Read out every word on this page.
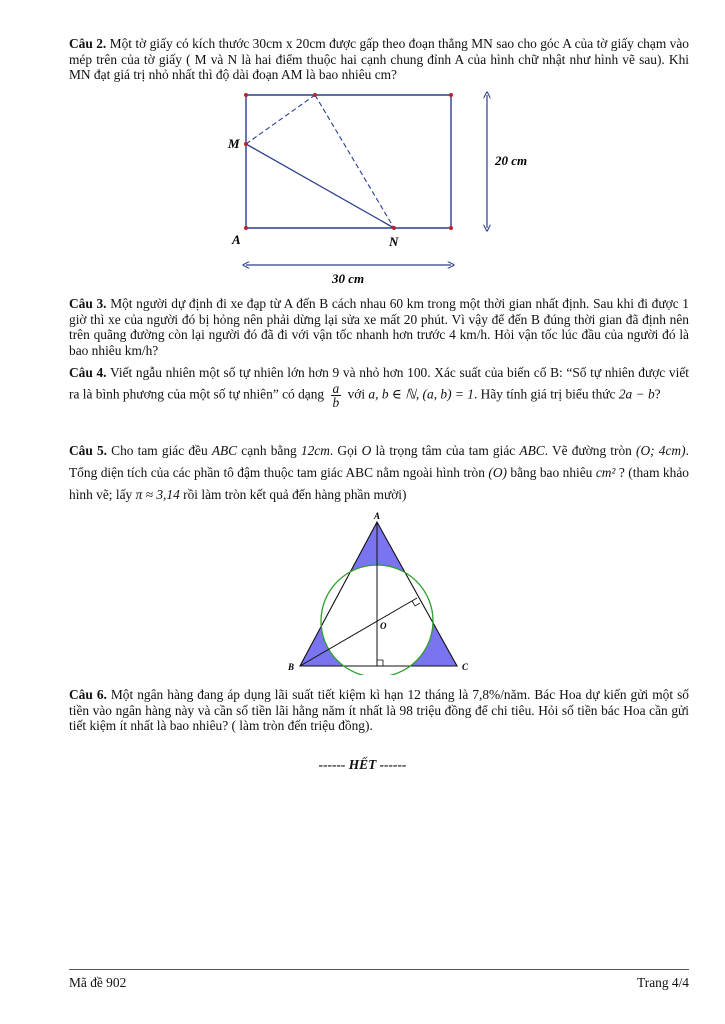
Câu 2. Một tờ giấy có kích thước 30cm x 20cm được gấp theo đoạn thẳng MN sao cho góc A của tờ giấy chạm vào mép trên của tờ giấy ( M và N là hai điểm thuộc hai cạnh chung đỉnh A của hình chữ nhật như hình vẽ sau). Khi MN đạt giá trị nhỏ nhất thì độ dài đoạn AM là bao nhiêu cm?
M
A	N
20 cm
30 cm
Câu 3. Một người dự định đi xe đạp từ A đến B cách nhau 60 km trong một thời gian nhất định. Sau khi đi được 1 giờ thì xe của người đó bị hỏng nên phải dừng lại sửa xe mất 20 phút. Vì vậy để đến B đúng thời gian đã định nên trên quãng đường còn lại người đó đã đi với vận tốc nhanh hơn trước 4 km/h. Hỏi vận tốc lúc đầu của người đó là bao nhiêu km/h?
Câu 4. Viết ngẫu nhiên một số tự nhiên lớn hơn 9 và nhỏ hơn 100. Xác suất của biến cố B: “Số tự nhiên được viết ra là bình phương của một số tự nhiên” có dạng $\frac{a}{b}$ với a, b ∈ ℕ, (a, b) = 1. Hãy tính giá trị biểu thức 2a − b?
Câu 5. Cho tam giác đều ABC cạnh bằng 12cm. Gọi O là trọng tâm của tam giác ABC. Vẽ đường tròn (O; 4cm). Tổng diện tích của các phần tô đậm thuộc tam giác ABC nằm ngoài hình tròn (O) bằng bao nhiêu cm² ? (tham khảo hình vẽ; lấy π ≈ 3,14 rồi làm tròn kết quả đến hàng phần mười)
A
B	C
O
Câu 6. Một ngân hàng đang áp dụng lãi suất tiết kiệm kì hạn 12 tháng là 7,8%/năm. Bác Hoa dự kiến gửi một số tiền vào ngân hàng này và cần số tiền lãi hằng năm ít nhất là 98 triệu đồng để chi tiêu. Hỏi số tiền bác Hoa cần gửi tiết kiệm ít nhất là bao nhiêu? ( làm tròn đến triệu đồng).
------ HẾT ------
Mã đề 902	Trang 4/4
